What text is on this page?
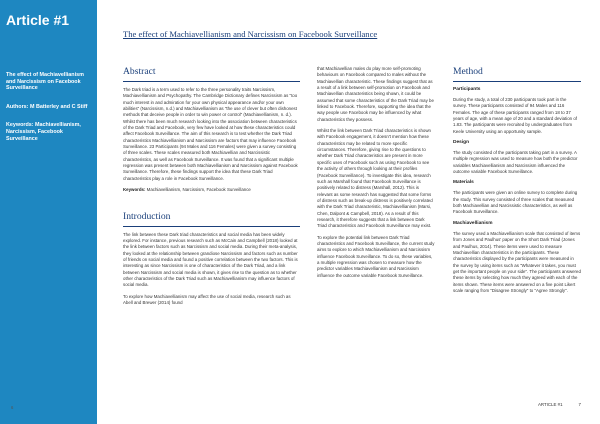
Article #1
The effect of Machiavellianism and Narcissism on Facebook Surveillance
Authors: M Batterley and C Stiff
Keywords: Machiavellianism, Narcissism, Facebook Surveillance
The effect of Machiavellianism and Narcissism on Facebook Surveillance
Abstract
The Dark triad is a term used to refer to the three personality traits Narcissism, Machiavellianism and Psychopathy. The Cambridge Dictionary defines Narcissism as "too much interest in and admiration for your own physical appearance and/or your own abilities" (Narcissism, n.d.) and Machiavellianism as "the use of clever but often dishonest methods that deceive people in order to win power or control" (Machiavellianism, n. d.). Whilst there has been much research looking into the association between characteristics of the Dark Triad and Facebook, very few have looked at how these characteristics could affect Facebook Surveillance. The aim of this research is to test whether the Dark Triad characteristics Machiavellianism and Narcissism are factors that may influence Facebook Surveillance. 23 Participants (94 Males and 116 Females) were given a survey consisting of three scales. These scales measured both Machiavellian and Narcissistic characteristics, as well as Facebook Surveillance. It was found that a significant multiple regression was present between both Machiavellianism and Narcissism against Facebook Surveillance. Therefore, these findings support the idea that these Dark Triad characteristics play a role in Facebook Surveillance.
Keywords: Machiavellianism, Narcissism, Facebook Surveillance
Introduction
The link between these Dark triad characteristics and social media has been widely explored. For instance, previous research such as McCain and Campbell (2018) looked at the link between factors such as Narcissism and social media. During their meta-analysis, they looked at the relationship between grandiose Narcissism and factors such as number of friends on social media and found a positive correlation between the two factors. This is interesting as since Narcissism is one of characteristics of the Dark Triad, and a link between Narcissism and social media is shown, it gives rise to the question as to whether other characteristics of the Dark Triad such as Machiavellianism may influence factors of social media.
To explore how Machiavellianism may affect the use of social media, research such as Abell and Brewer (2014) found
that Machiavellian males do play more self-promoting behaviours on Facebook compared to males without the Machiavellian characteristic. These findings suggest that as a result of a link between self-promotion on Facebook and Machiavellian characteristics being shown, it could be assumed that some characteristics of the Dark Triad may be linked to Facebook. Therefore, supporting the idea that the way people use Facebook may be influenced by what characteristics they possess.
Whilst the link between Dark Triad characteristics is shown with Facebook engagement, it doesn't mention how these characteristics may be related to more specific circumstances. Therefore, giving rise to the questions to whether Dark Triad characteristics are present in more specific uses of Facebook such as using Facebook to see the activity of others through looking at their profiles (Facebook Surveillance). To investigate this idea, research such as Marshall found that Facebook Surveillance is positively related to distress (Marshall, 2012). This is relevant as some research has suggested that some forms of distress such as break-up distress is positively correlated with the Dark Triad characteristic, Machiavellianism (Marsi, Chen, Dalpont & Campbell, 2018). As a result of this research, it therefore suggests that a link between Dark Triad characteristics and Facebook Surveillance may exist.
To explore the potential link between Dark Triad characteristics and Facebook Surveillance, the current study aims to explore to which Machiavellianism and Narcissism influence Facebook Surveillance. To do so, these variables, a multiple regression was chosen to measure how the predictor variables Machiavellianism and Narcissism influence the outcome variable Facebook Surveillance.
Method
Participants
During the study, a total of 230 participants took part in the survey. These participants consisted of 94 Males and 116 Females. The age of these participants ranged from 18 to 37 years of age, with a mean age of 20 and a standard deviation of 1.83. The participants were recruited by undergraduates from Keele University using an opportunity sample.
Design
The study consisted of the participants taking part in a survey. A multiple regression was used to measure how both the predictor variables Machiavellianism and Narcissism influenced the outcome variable Facebook Surveillance.
Materials
The participants were given an online survey to complete during the study. This survey consisted of three scales that measured both Machiavellian and Narcissistic characteristics, as well as Facebook Surveillance.
Machiavellianism
The survey used a Machiavellianism scale that consisted of items from Jones and Paulhus' paper on the Short Dark Triad (Jones and Paulhus, 2014). These items were used to measure Machiavellian characteristics in the participants. These characteristics displayed by the participants were measured in the survey by using items such as "Whatever it takes, you must get the important people on your side". The participants answered these items by selecting how much they agreed with each of the items shown. These items were answered on a five point Likert scale ranging from "Disagree Strongly" to "Agree Strongly".
6
ARTICLE #1	7
